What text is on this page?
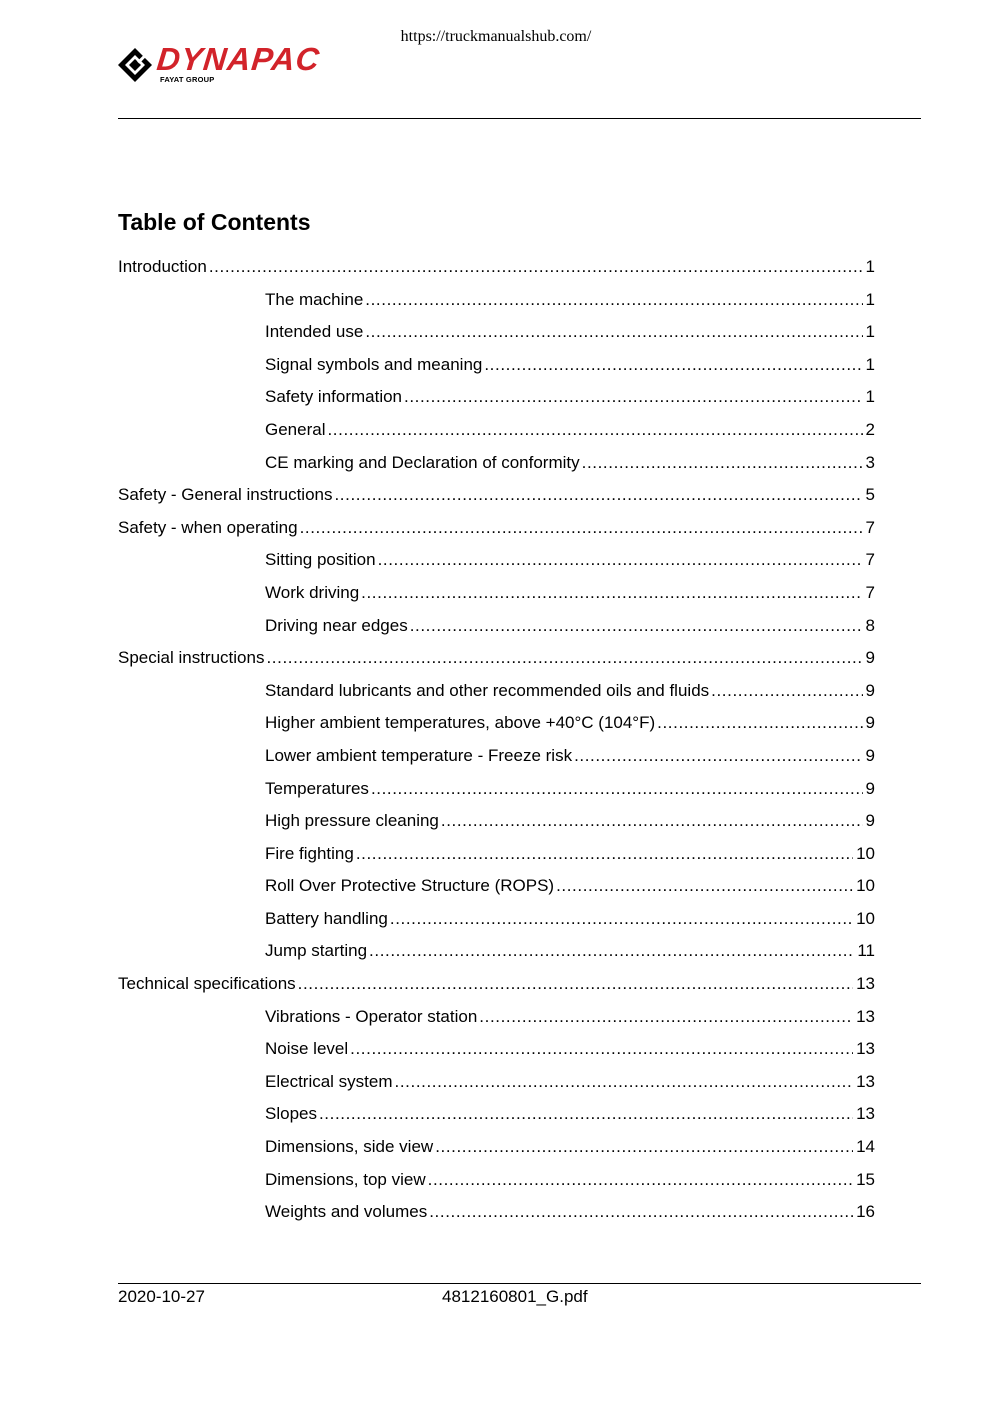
https://truckmanualshub.com/
DYNAPAC
FAYAT GROUP
Table of Contents
Introduction .....	1
The machine .....	1
Intended use .....	1
Signal symbols and meaning .....	1
Safety information .....	1
General .....	2
CE marking and Declaration of conformity .....	3
Safety - General instructions .....	5
Safety - when operating .....	7
Sitting position .....	7
Work driving .....	7
Driving near edges .....	8
Special instructions .....	9
Standard lubricants and other recommended oils and fluids .....	9
Higher ambient temperatures, above +40°C (104°F) .....	9
Lower ambient temperature - Freeze risk .....	9
Temperatures .....	9
High pressure cleaning .....	9
Fire fighting .....	10
Roll Over Protective Structure (ROPS) .....	10
Battery handling .....	10
Jump starting .....	11
Technical specifications .....	13
Vibrations - Operator station .....	13
Noise level .....	13
Electrical system .....	13
Slopes .....	13
Dimensions, side view .....	14
Dimensions, top view .....	15
Weights and volumes .....	16
2020-10-27	4812160801_G.pdf
